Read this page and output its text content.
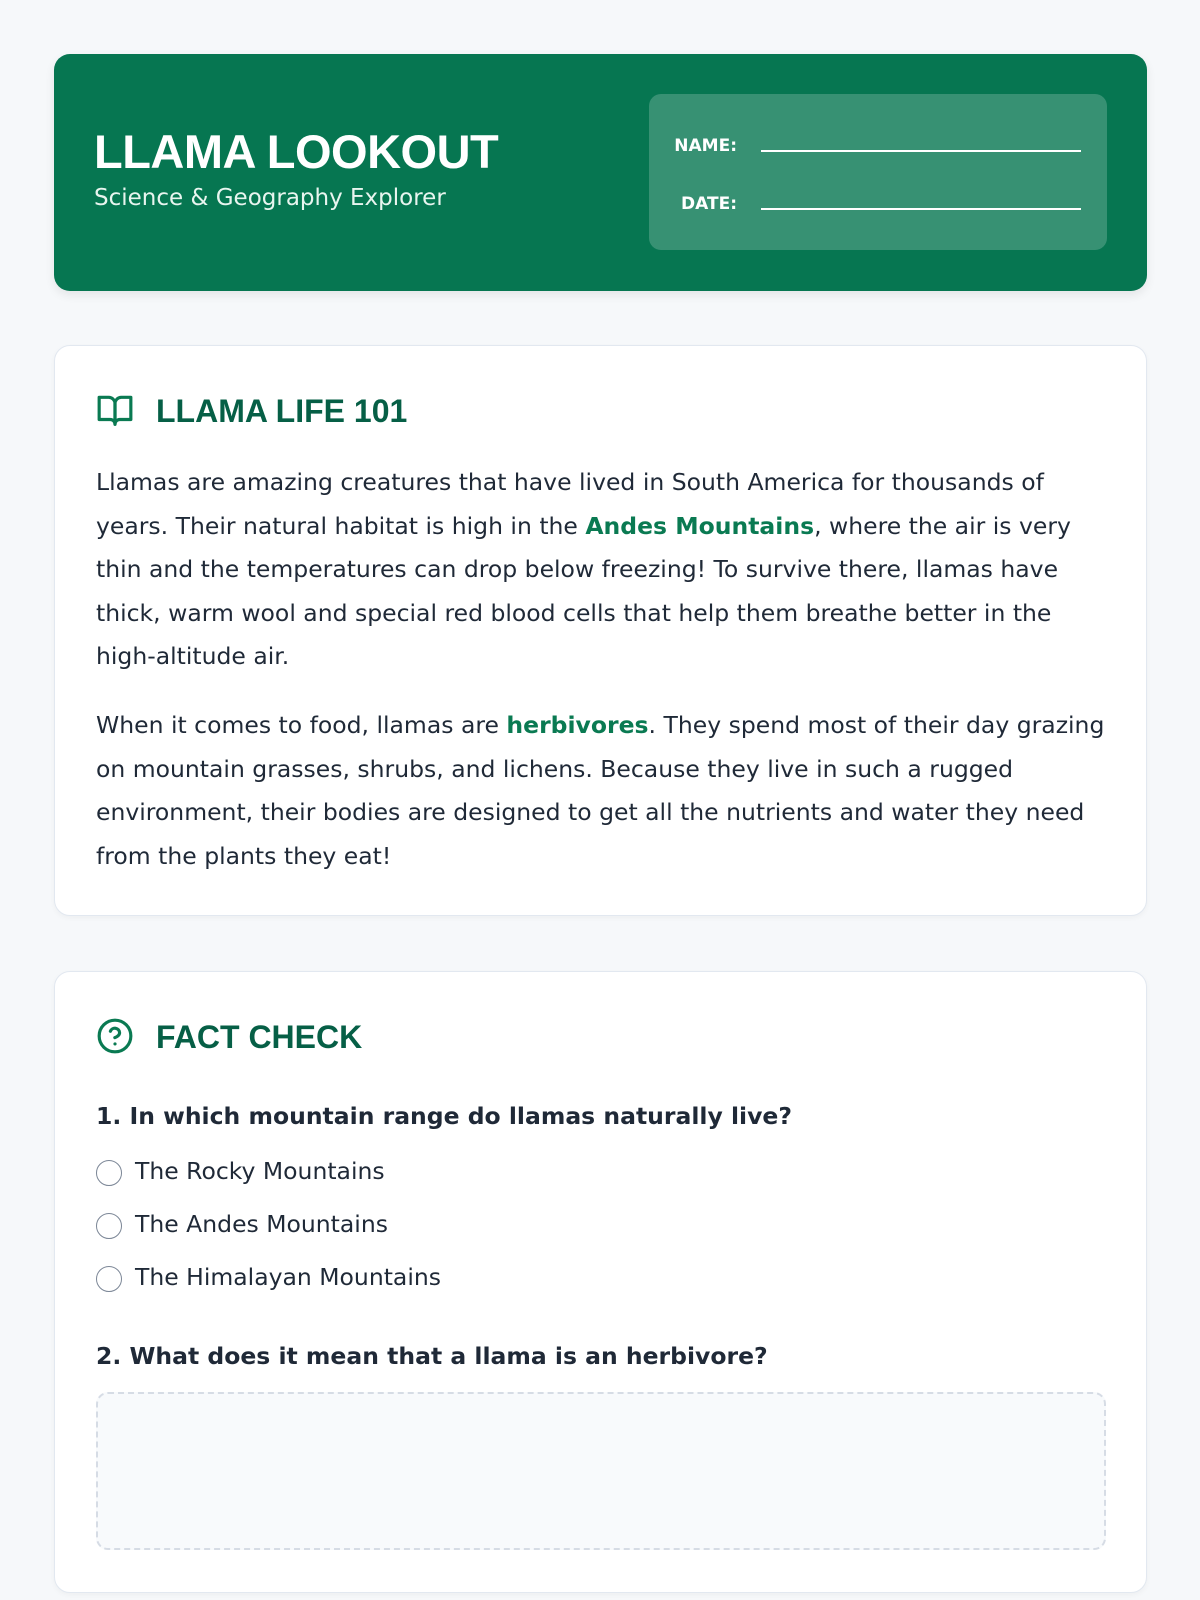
LLAMA LOOKOUT
Science & Geography Explorer
NAME:
DATE:
LLAMA LIFE 101

Llamas are amazing creatures that have lived in South America for thousands of years. Their natural habitat is high in the Andes Mountains, where the air is very thin and the temperatures can drop below freezing! To survive there, llamas have thick, warm wool and special red blood cells that help them breathe better in the high-altitude air.

When it comes to food, llamas are herbivores. They spend most of their day grazing on mountain grasses, shrubs, and lichens. Because they live in such a rugged environment, their bodies are designed to get all the nutrients and water they need from the plants they eat!

FACT CHECK
1. In which mountain range do llamas naturally live?
The Rocky Mountains
The Andes Mountains
The Himalayan Mountains
2. What does it mean that a llama is an herbivore?
